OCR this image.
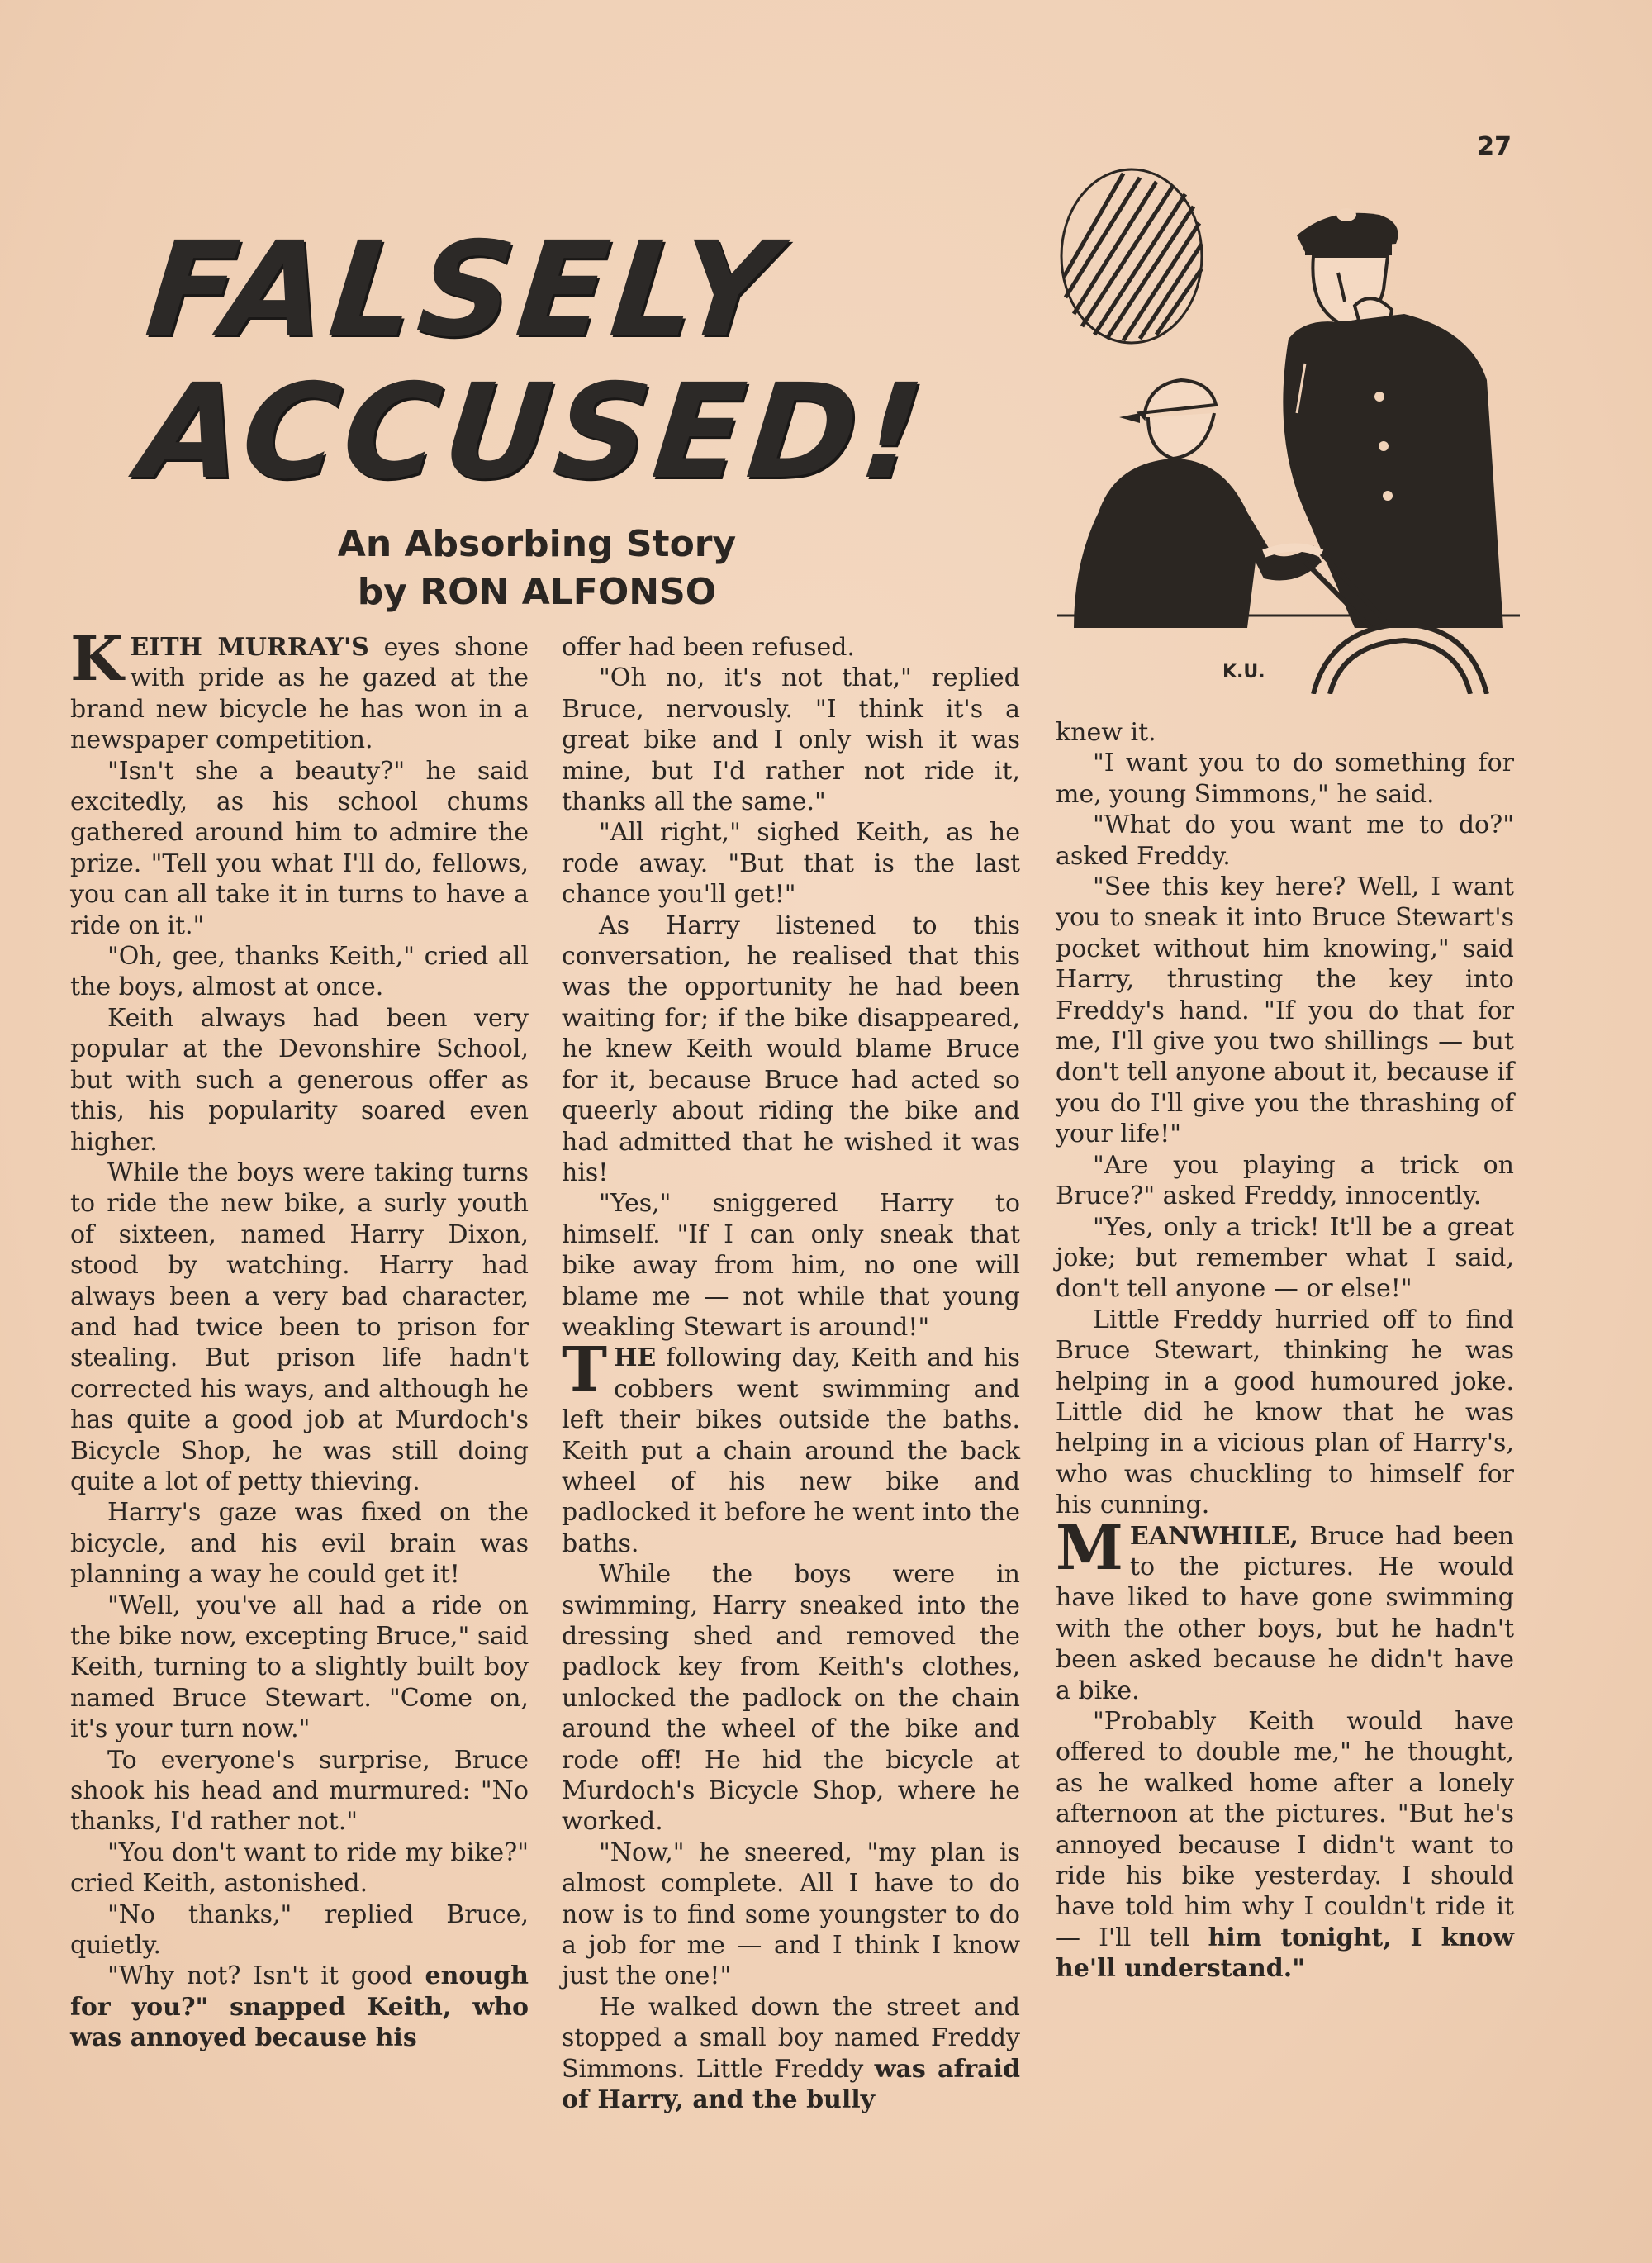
27
FALSELY
ACCUSED!
An Absorbing Story
by RON ALFONSO
K.U.

KEITH MURRAY'S eyes shone with pride as he gazed at the brand new bicycle he has won in a newspaper competition.

"Isn't she a beauty?" he said excitedly, as his school chums gathered around him to admire the prize. "Tell you what I'll do, fellows, you can all take it in turns to have a ride on it."

"Oh, gee, thanks Keith," cried all the boys, almost at once.

Keith always had been very popular at the Devonshire School, but with such a generous offer as this, his popularity soared even higher.

While the boys were taking turns to ride the new bike, a surly youth of sixteen, named Harry Dixon, stood by watching. Harry had always been a very bad character, and had twice been to prison for stealing. But prison life hadn't corrected his ways, and although he has quite a good job at Murdoch's Bicycle Shop, he was still doing quite a lot of petty thieving.

Harry's gaze was fixed on the bicycle, and his evil brain was planning a way he could get it!

"Well, you've all had a ride on the bike now, excepting Bruce," said Keith, turning to a slightly built boy named Bruce Stewart. "Come on, it's your turn now."

To everyone's surprise, Bruce shook his head and murmured: "No thanks, I'd rather not."

"You don't want to ride my bike?" cried Keith, astonished.

"No thanks," replied Bruce, quietly.

"Why not? Isn't it good enough for you?" snapped Keith, who was annoyed because his

offer had been refused.

"Oh no, it's not that," replied Bruce, nervously. "I think it's a great bike and I only wish it was mine, but I'd rather not ride it, thanks all the same."

"All right," sighed Keith, as he rode away. "But that is the last chance you'll get!"

As Harry listened to this conversation, he realised that this was the opportunity he had been waiting for; if the bike disappeared, he knew Keith would blame Bruce for it, because Bruce had acted so queerly about riding the bike and had admitted that he wished it was his!

"Yes," sniggered Harry to himself. "If I can only sneak that bike away from him, no one will blame me — not while that young weakling Stewart is around!"

THE following day, Keith and his cobbers went swimming and left their bikes outside the baths. Keith put a chain around the back wheel of his new bike and padlocked it before he went into the baths.

While the boys were in swimming, Harry sneaked into the dressing shed and removed the padlock key from Keith's clothes, unlocked the padlock on the chain around the wheel of the bike and rode off! He hid the bicycle at Murdoch's Bicycle Shop, where he worked.

"Now," he sneered, "my plan is almost complete. All I have to do now is to find some youngster to do a job for me — and I think I know just the one!"

He walked down the street and stopped a small boy named Freddy Simmons. Little Freddy was afraid of Harry, and the bully

knew it.

"I want you to do something for me, young Simmons," he said.

"What do you want me to do?" asked Freddy.

"See this key here? Well, I want you to sneak it into Bruce Stewart's pocket without him knowing," said Harry, thrusting the key into Freddy's hand. "If you do that for me, I'll give you two shillings — but don't tell anyone about it, because if you do I'll give you the thrashing of your life!"

"Are you playing a trick on Bruce?" asked Freddy, innocently.

"Yes, only a trick! It'll be a great joke; but remember what I said, don't tell anyone — or else!"

Little Freddy hurried off to find Bruce Stewart, thinking he was helping in a good humoured joke. Little did he know that he was helping in a vicious plan of Harry's, who was chuckling to himself for his cunning.

MEANWHILE, Bruce had been to the pictures. He would have liked to have gone swimming with the other boys, but he hadn't been asked because he didn't have a bike.

"Probably Keith would have offered to double me," he thought, as he walked home after a lonely afternoon at the pictures. "But he's annoyed because I didn't want to ride his bike yesterday. I should have told him why I couldn't ride it — I'll tell him tonight, I know he'll understand."
